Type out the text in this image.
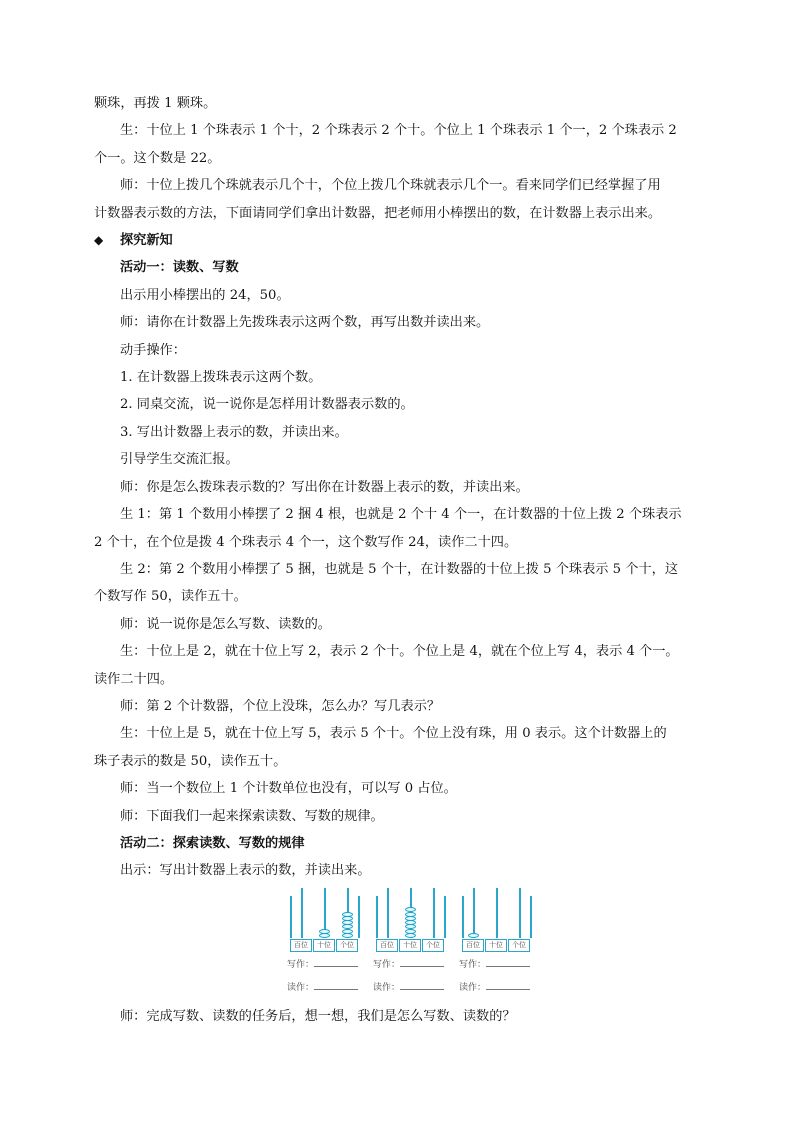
颗珠，再拨 1 颗珠。

生：十位上 1 个珠表示 1 个十，2 个珠表示 2 个十。个位上 1 个珠表示 1 个一，2 个珠表示 2

个一。这个数是 22。

师：十位上拨几个珠就表示几个十，个位上拨几个珠就表示几个一。看来同学们已经掌握了用

计数器表示数的方法，下面请同学们拿出计数器，把老师用小棒摆出的数，在计数器上表示出来。

◆ 探究新知

活动一：读数、写数

出示用小棒摆出的 24，50。

师：请你在计数器上先拨珠表示这两个数，再写出数并读出来。

动手操作：

1. 在计数器上拨珠表示这两个数。

2. 同桌交流，说一说你是怎样用计数器表示数的。

3. 写出计数器上表示的数，并读出来。

引导学生交流汇报。

师：你是怎么拨珠表示数的？写出你在计数器上表示的数，并读出来。

生 1：第 1 个数用小棒摆了 2 捆 4 根，也就是 2 个十 4 个一，在计数器的十位上拨 2 个珠表示

2 个十，在个位是拨 4 个珠表示 4 个一，这个数写作 24，读作二十四。

生 2：第 2 个数用小棒摆了 5 捆，也就是 5 个十，在计数器的十位上拨 5 个珠表示 5 个十，这

个数写作 50，读作五十。

师：说一说你是怎么写数、读数的。

生：十位上是 2，就在十位上写 2，表示 2 个十。个位上是 4，就在个位上写 4，表示 4 个一。

读作二十四。

师：第 2 个计数器，个位上没珠，怎么办？写几表示？

生：十位上是 5，就在十位上写 5，表示 5 个十。个位上没有珠，用 0 表示。这个计数器上的

珠子表示的数是 50，读作五十。

师：当一个数位上 1 个计数单位也没有，可以写 0 占位。

师：下面我们一起来探索读数、写数的规律。

活动二：探索读数、写数的规律

出示：写出计数器上表示的数，并读出来。

百位	十位	个位
写作：
读作：
百位	十位	个位
写作：
读作：
百位	十位	个位
写作：
读作：

师：完成写数、读数的任务后，想一想，我们是怎么写数、读数的？
